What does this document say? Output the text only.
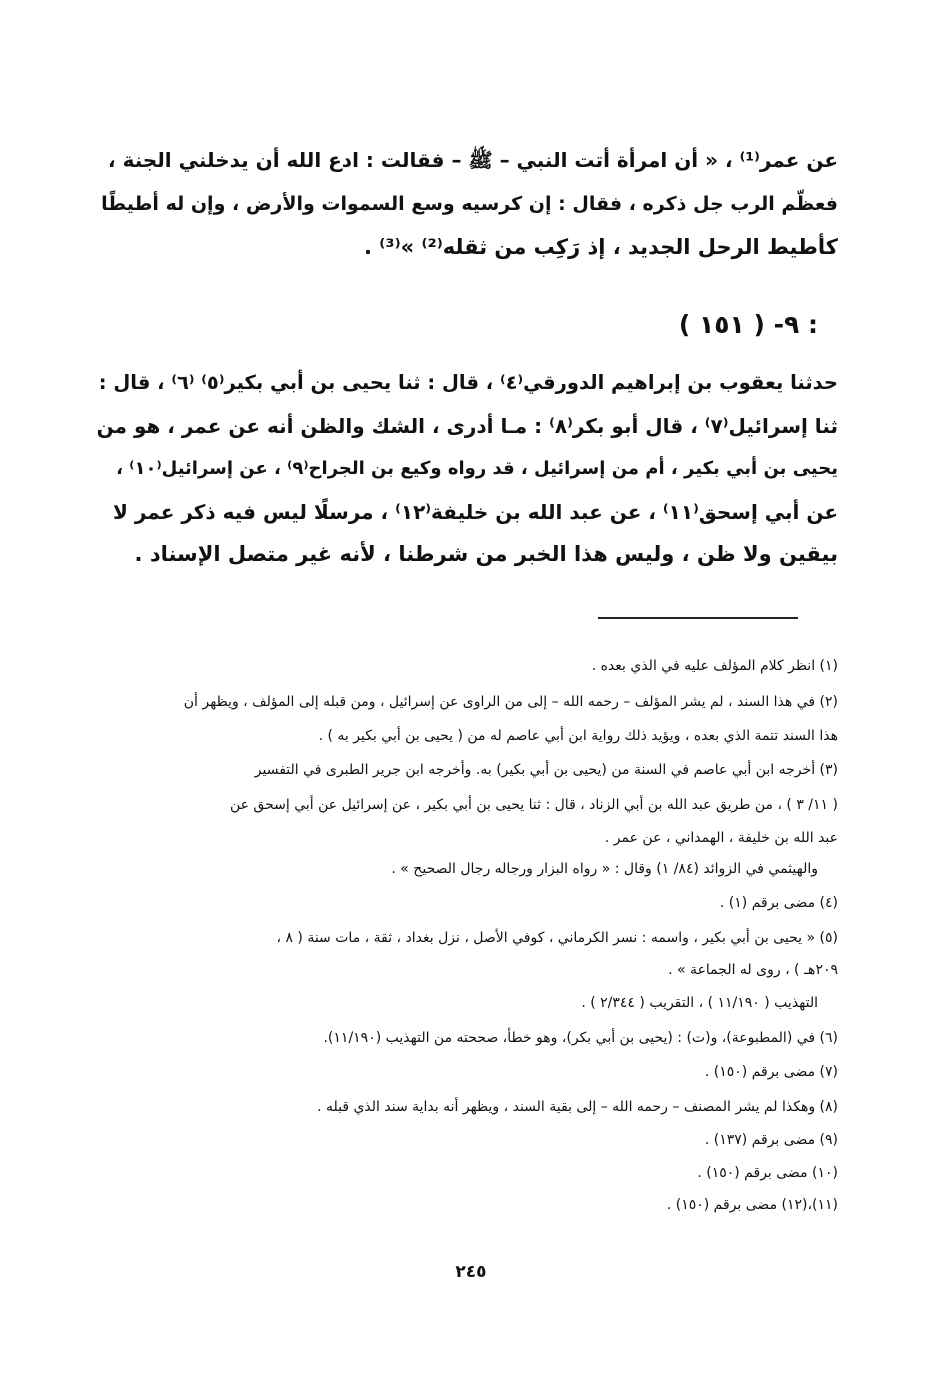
عن عمر⁽¹⁾ ، « أن امرأة أتت النبي – ﷺ – فقالت : ادع الله أن يدخلني الجنة ،
فعظّم الرب جل ذكره ، فقال : إن كرسيه وسع السموات والأرض ، وإن له أطيطًا
كأطيط الرحل الجديد ، إذ رَكِب من ثقله⁽²⁾ »⁽³⁾ .
٩- ( ١٥١ ) :
حدثنا يعقوب بن إبراهيم الدورقي⁽٤⁾ ، قال : ثنا يحيى بن أبي بكير⁽٥⁾ ⁽٦⁾ ، قال :
ثنا إسرائيل⁽٧⁾ ، قال أبو بكر⁽٨⁾ : مـا أدرى ، الشك والظن أنه عن عمر ، هو من
يحيى بن أبي بكير ، أم من إسرائيل ، قد رواه وكيع بن الجراح⁽٩⁾ ، عن إسرائيل⁽١٠⁾ ،
عن أبي إسحق⁽١١⁾ ، عن عبد الله بن خليفة⁽١٢⁾ ، مرسلًا ليس فيه ذكر عمر لا
بيقين ولا ظن ، وليس هذا الخبر من شرطنا ، لأنه غير متصل الإسناد .
(١) انظر كلام المؤلف عليه في الذي بعده .
(٢) في هذا السند ، لم يشر المؤلف – رحمه الله – إلى من الراوى عن إسرائيل ، ومن قبله إلى المؤلف ، ويظهر أن
هذا السند تتمة الذي بعده ، ويؤيد ذلك رواية ابن أبي عاصم له من ( يحيى بن أبي بكير به ) .
(٣) أخرجه ابن أبي عاصم في السنة من (يحيى بن أبي بكير) به. وأخرجه ابن جرير الطبرى في التفسير
( ١١/ ٣ ) ، من طريق عبد الله بن أبي الزناد ، قال : ثنا يحيى بن أبي بكير ، عن إسرائيل عن أبي إسحق عن
عبد الله بن خليفة ، الهمداني ، عن عمر .
والهيثمي في الزوائد (٨٤/ ١) وقال : « رواه البزار ورجاله رجال الصحيح » .
(٤) مضى برقم (١) .
(٥) « يحيى بن أبي بكير ، واسمه : نسر الكرماني ، كوفي الأصل ، نزل بغداد ، ثقة ، مات سنة ( ٨ ،
٢٠٩هـ ) ، روى له الجماعة » .
التهذيب ( ١١/١٩٠ ) ، التقريب ( ٢/٣٤٤ ) .
(٦) في (المطبوعة)، و(ت) : (يحيى بن أبي بكر)، وهو خطأ، صححته من التهذيب (١١/١٩٠).
(٧) مضى برقم (١٥٠) .
(٨) وهكذا لم يشر المصنف – رحمه الله – إلى بقية السند ، ويظهر أنه بداية سند الذي قبله .
(٩) مضى برقم (١٣٧) .
(١٠) مضى برقم (١٥٠) .
(١١)،(١٢) مضى برقم (١٥٠) .
٢٤٥
